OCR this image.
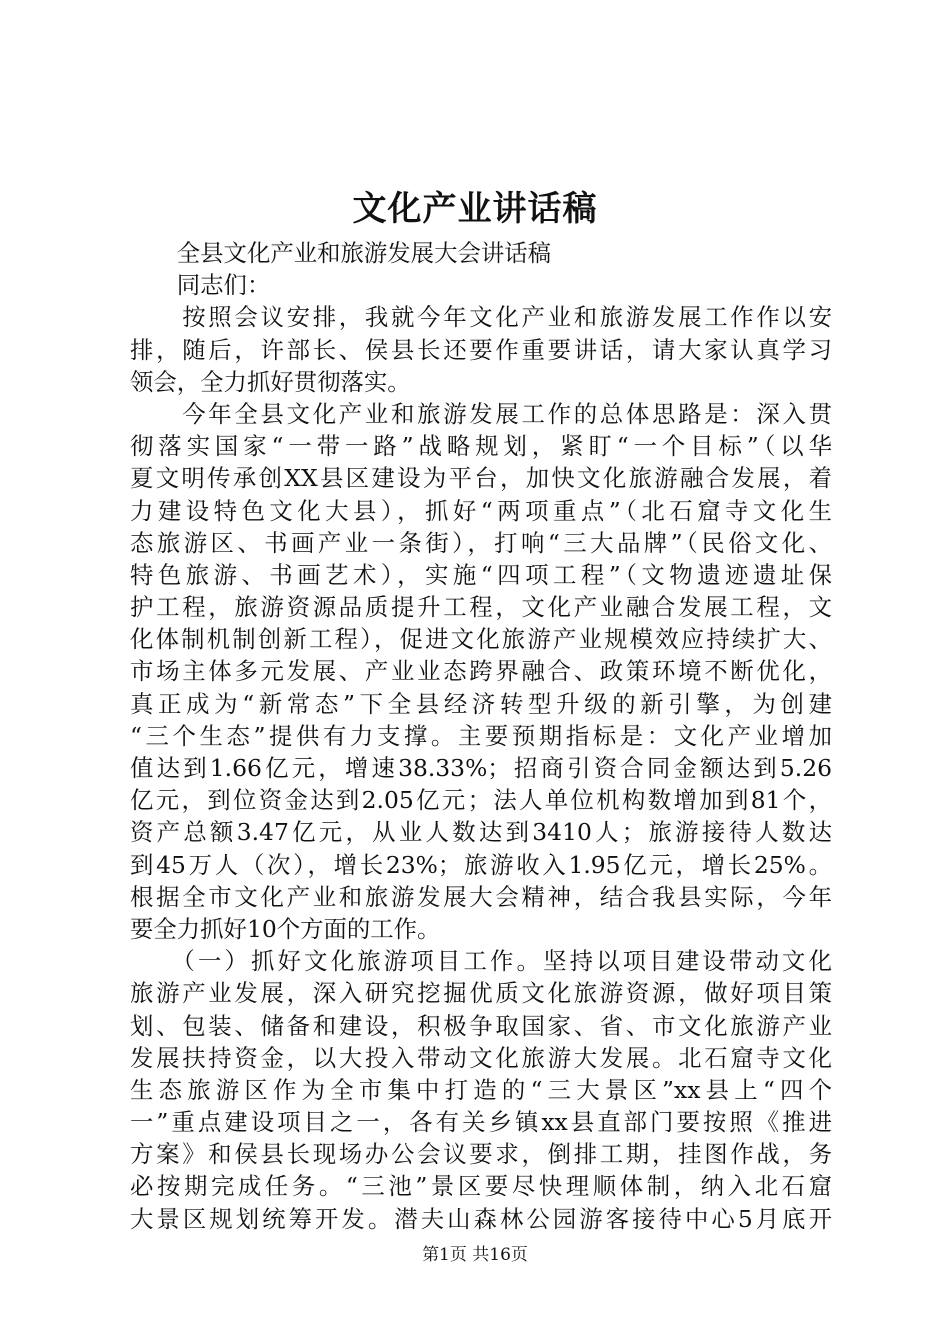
文化产业讲话稿
　　全县文化产业和旅游发展大会讲话稿
　　同志们：
　　按照会议安排，我就今年文化产业和旅游发展工作作以安
排，随后，许部长、侯县长还要作重要讲话，请大家认真学习
领会，全力抓好贯彻落实。
　　今年全县文化产业和旅游发展工作的总体思路是：深入贯
彻落实国家“一带一路”战略规划，紧盯“一个目标”（以华
夏文明传承创XX县区建设为平台，加快文化旅游融合发展，着
力建设特色文化大县），抓好“两项重点”（北石窟寺文化生
态旅游区、书画产业一条街），打响“三大品牌”（民俗文化、
特色旅游、书画艺术），实施“四项工程”（文物遗迹遗址保
护工程，旅游资源品质提升工程，文化产业融合发展工程，文
化体制机制创新工程），促进文化旅游产业规模效应持续扩大、
市场主体多元发展、产业业态跨界融合、政策环境不断优化，
真正成为“新常态”下全县经济转型升级的新引擎，为创建
“三个生态”提供有力支撑。主要预期指标是：文化产业增加
值达到1.66亿元，增速38.33%；招商引资合同金额达到5.26
亿元，到位资金达到2.05亿元；法人单位机构数增加到81个，
资产总额3.47亿元，从业人数达到3410人；旅游接待人数达
到45万人（次），增长23%；旅游收入1.95亿元，增长25%。
根据全市文化产业和旅游发展大会精神，结合我县实际，今年
要全力抓好10个方面的工作。
　　（一）抓好文化旅游项目工作。坚持以项目建设带动文化
旅游产业发展，深入研究挖掘优质文化旅游资源，做好项目策
划、包装、储备和建设，积极争取国家、省、市文化旅游产业
发展扶持资金，以大投入带动文化旅游大发展。北石窟寺文化
生态旅游区作为全市集中打造的“三大景区”xx县上“四个
一”重点建设项目之一，各有关乡镇xx县直部门要按照《推进
方案》和侯县长现场办公会议要求，倒排工期，挂图作战，务
必按期完成任务。“三池”景区要尽快理顺体制，纳入北石窟
大景区规划统筹开发。潜夫山森林公园游客接待中心5月底开
第1页 共16页
